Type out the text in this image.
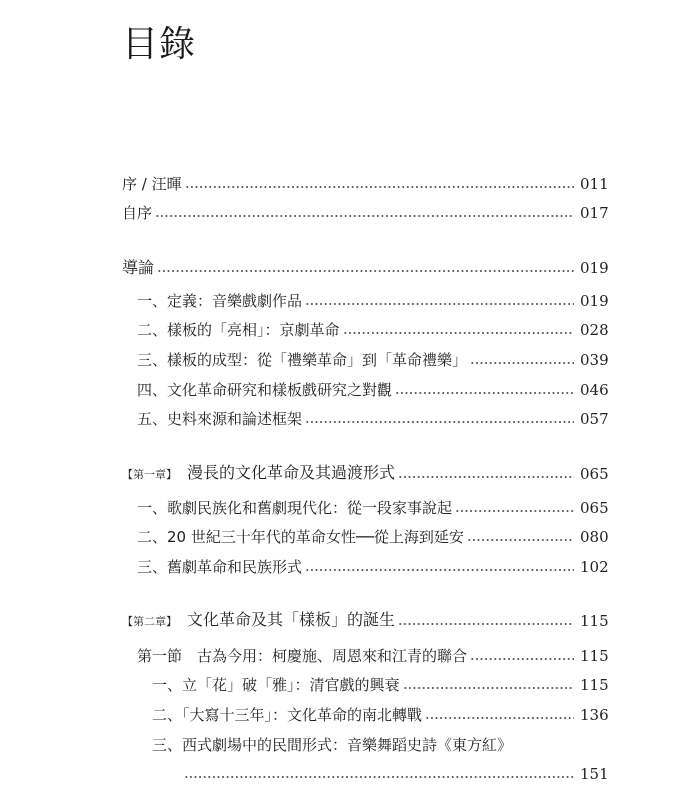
目錄
序 / 汪暉	011
自序	017
導論	019
一、定義：音樂戲劇作品	019
二、樣板的「亮相」：京劇革命	028
三、樣板的成型：從「禮樂革命」到「革命禮樂」	039
四、文化革命研究和樣板戲研究之對觀	046
五、史料來源和論述框架	057
【第一章】 漫長的文化革命及其過渡形式	065
一、歌劇民族化和舊劇現代化：從一段家事說起	065
二、20 世紀三十年代的革命女性──從上海到延安	080
三、舊劇革命和民族形式	102
【第二章】 文化革命及其「樣板」的誕生	115
第一節　古為今用：柯慶施、周恩來和江青的聯合	115
一、立「花」破「雅」：清官戲的興衰	115
二、「大寫十三年」：文化革命的南北轉戰	136
三、西式劇場中的民間形式：音樂舞蹈史詩《東方紅》
151
